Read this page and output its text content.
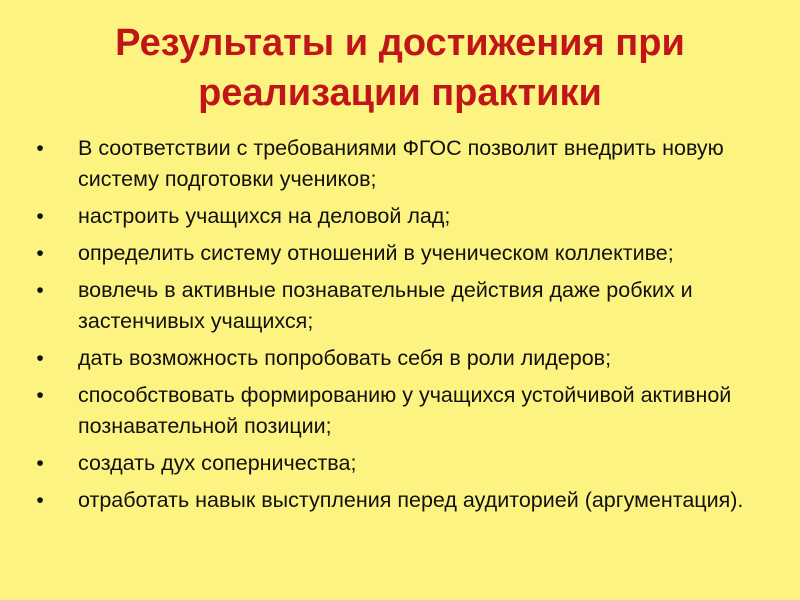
Результаты и достижения при
реализации практики
• В соответствии с требованиями ФГОС позволит внедрить новую систему подготовки учеников;
• настроить учащихся на деловой лад;
• определить систему отношений в ученическом коллективе;
• вовлечь в активные познавательные действия даже робких и застенчивых учащихся;
• дать возможность попробовать себя в роли лидеров;
• способствовать формированию у учащихся устойчивой активной познавательной позиции;
• создать дух соперничества;
• отработать навык выступления перед аудиторией (аргументация).
